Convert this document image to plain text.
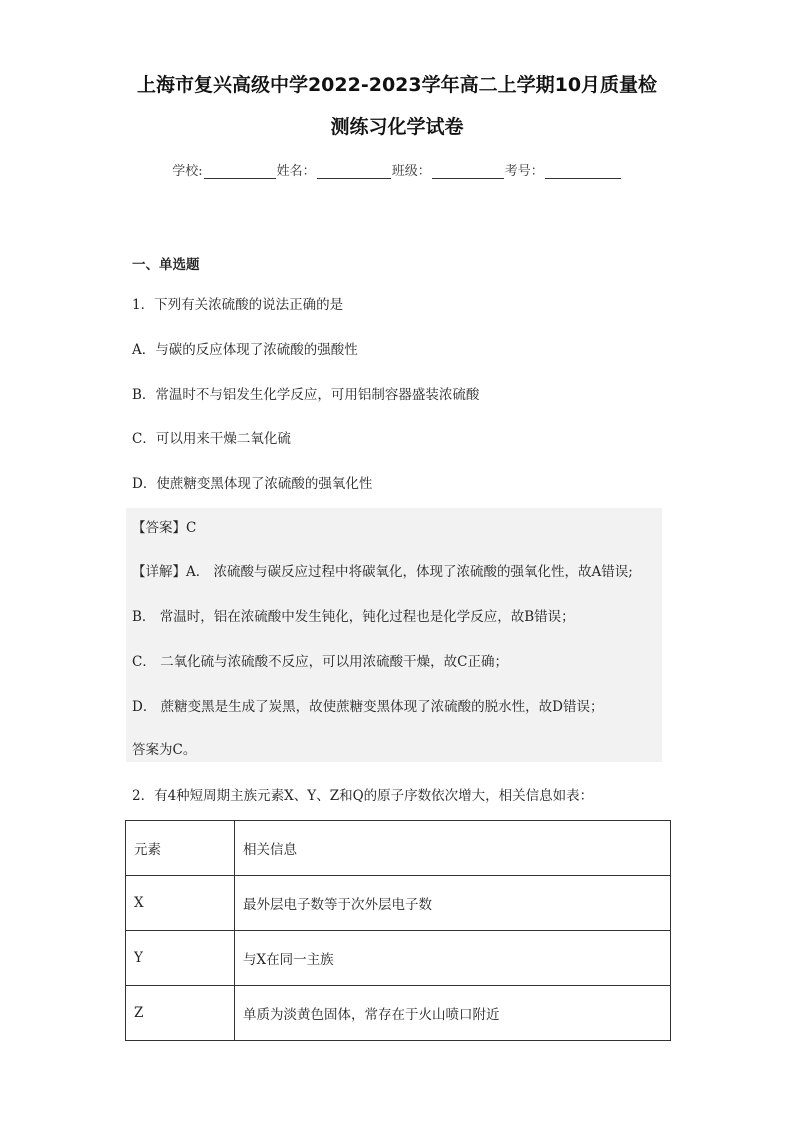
上海市复兴高级中学2022-2023学年高二上学期10月质量检
测练习化学试卷
学校:	姓名：	班级：	考号：
一、单选题
1．下列有关浓硫酸的说法正确的是
A．与碳的反应体现了浓硫酸的强酸性
B．常温时不与铝发生化学反应，可用铝制容器盛装浓硫酸
C．可以用来干燥二氧化硫
D．使蔗糖变黑体现了浓硫酸的强氧化性
【答案】C
【详解】A． 浓硫酸与碳反应过程中将碳氧化，体现了浓硫酸的强氧化性，故A错误;
B． 常温时，铝在浓硫酸中发生钝化，钝化过程也是化学反应，故B错误；
C． 二氧化硫与浓硫酸不反应，可以用浓硫酸干燥，故C正确；
D． 蔗糖变黑是生成了炭黑，故使蔗糖变黑体现了浓硫酸的脱水性，故D错误；
答案为C。
2．有4种短周期主族元素X、Y、Z和Q的原子序数依次增大，相关信息如表：
元素	相关信息
X	最外层电子数等于次外层电子数
Y	与X在同一主族
Z	单质为淡黄色固体，常存在于火山喷口附近
